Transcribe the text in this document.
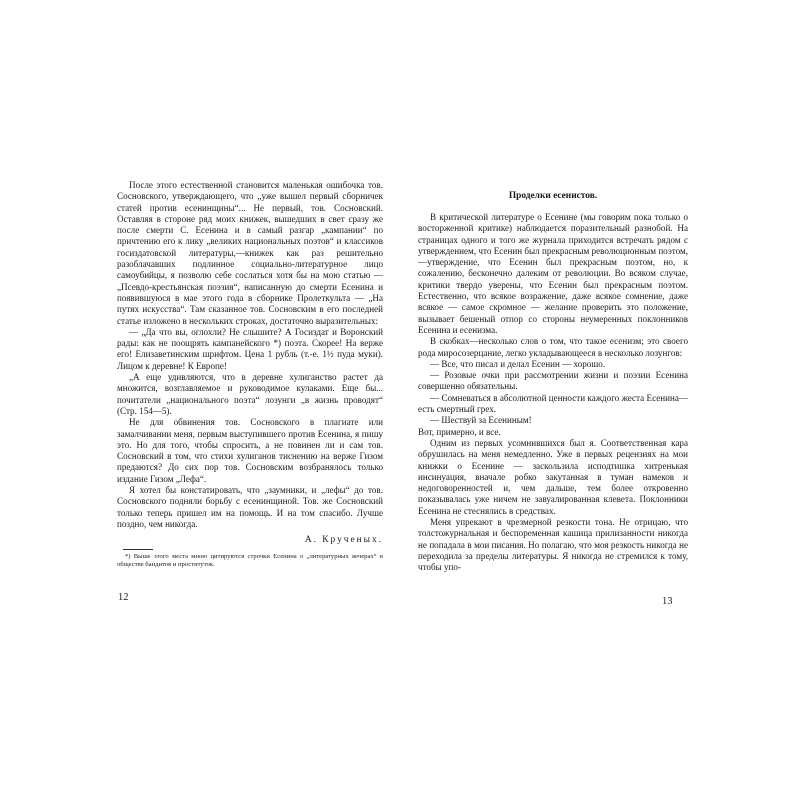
После этого естественной становится маленькая ошибочка тов. Сосновского, утверждающего, что „уже вышел первый сборничек статей против есенинщины“... Не первый, тов. Сосновский. Оставляя в стороне ряд моих книжек, вышедших в свет сразу же после смерти С. Есенина и в самый разгар „кампании“ по причтению его к лику „великих национальных поэтов“ и классиков госиздатовской литературы,—книжек как раз решительно разоблачавших подлинное социально-литературное лицо самоубийцы, я позволю себе сослаться хотя бы на мою статью — „Псевдо-крестьянская поэзия“, написанную до смерти Есенина и появившуюся в мае этого года в сборнике Пролеткульта — „На путях искусства“. Там сказанное тов. Сосновским в его последней статье изложено в нескольких строках, достаточно выразительных:

— „Да что вы, оглохли? Не слышите? А Госиздат и Воронский рады: как не поощрять кампанейского *) поэта. Скорее! На верже его! Елизаветинским шрифтом. Цена 1 рубль (т.-е. 1½ пуда муки). Лицом к деревне! К Европе!

„А еще удивляются, что в деревне хулиганство растет да множится, возглавляемое и руководимое кулаками. Еще бы... почитатели „национального поэта“ лозунги „в жизнь проводят“ (Стр. 154—5).

Не для обвинения тов. Сосновского в плагиате или замалчивании меня, первым выступившего против Есенина, я пишу это. Но для того, чтобы спросить, а не повинен ли и сам тов. Сосновский в том, что стихи хулиганов тиснению на верже Гизом предаются? До сих пор тов. Сосновским возбранялось только издание Гизом „Лефа“.

Я хотел бы констатировать, что „заумники, и „лефы“ до тов. Сосновского подняли борьбу с есенинщиной. Тов. же Сосновский только теперь пришел им на помощь. И на том спасибо. Лучше поздно, чем никогда.

А. Крученых.

*) Выше этого места мною цитируются строчки Есенина о „литературных вечерах“ в обществе бандитов и проституток.

12

Проделки есенистов.

В критической литературе о Есенине (мы говорим пока только о восторженной критике) наблюдается поразительный разнобой. На страницах одного и того же журнала приходится встречать рядом с утверждением, что Есенин был прекрасным революционным поэтом,—утверждение, что Есенин был прекрасным поэтом, но, к сожалению, бесконечно далеким от революции. Во всяком случае, критики твердо уверены, что Есенин был прекрасным поэтом. Естественно, что всякое возражение, даже всякое сомнение, даже всякое — самое скромное — желание проверить это положение, вызывает бешеный отпор со стороны неумеренных поклонников Есенина и есенизма.

В скобках—несколько слов о том, что такое есенизм; это своего рода миросозерцание, легко укладывающееся в несколько лозунгов:

— Все, что писал и делал Есенин — хорошо.

— Розовые очки при рассмотрении жизни и поэзии Есенина совершенно обязательны.

— Сомневаться в абсолютной ценности каждого жеста Есенина—есть смертный грех.

— Шествуй за Есениным!

Вот, примерно, и все.

Одним из первых усомнившихся был я. Соответственная кара обрушилась на меня немедленно. Уже в первых рецензиях на мои книжки о Есенине — заскользила исподтишка хитренькая инсинуация, вначале робко закутанная в туман намеков и недоговоренностей и, чем дальше, тем более откровенно показывалась уже ничем не завуалированная клевета. Поклонники Есенина не стеснялись в средствах.

Меня упрекают в чрезмерной резкости тона. Не отрицаю, что толстожурнальная и беспоременная кашица прилизанности никогда не попадала в мои писания. Но полагаю, что моя резкость никогда не переходила за пределы литературы. Я никогда не стремился к тому, чтобы упо-

13
